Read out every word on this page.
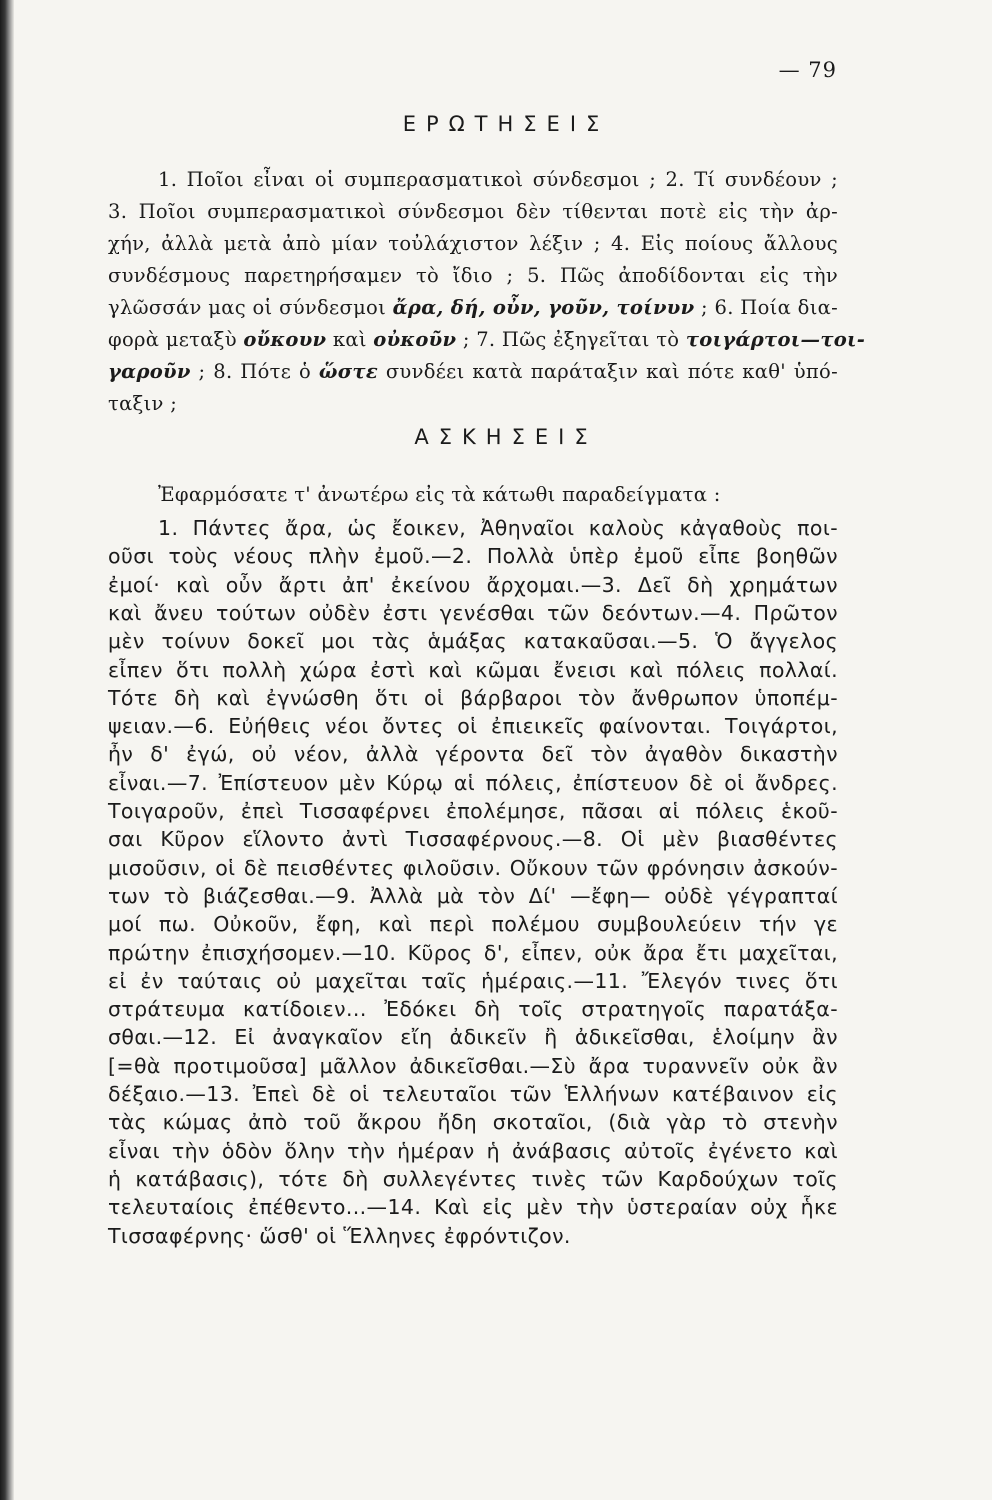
— 79
ΕΡΩΤΗΣΕΙΣ
1. Ποῖοι εἶναι οἱ συμπερασματικοὶ σύνδεσμοι ; 2. Τί συνδέουν ;
3. Ποῖοι συμπερασματικοὶ σύνδεσμοι δὲν τίθενται ποτὲ εἰς τὴν ἀρ-
χήν, ἀλλὰ μετὰ ἀπὸ μίαν τοὐλάχιστον λέξιν ; 4. Εἰς ποίους ἄλλους
συνδέσμους παρετηρήσαμεν τὸ ἴδιο ; 5. Πῶς ἀποδίδονται εἰς τὴν
γλῶσσάν μας οἱ σύνδεσμοι ἄρα, δή, οὖν, γοῦν, τοίνυν ; 6. Ποία δια-
φορὰ μεταξὺ οὔκουν καὶ οὐκοῦν ; 7. Πῶς ἐξηγεῖται τὸ τοιγάρτοι—τοι-
γαροῦν ; 8. Πότε ὁ ὥστε συνδέει κατὰ παράταξιν καὶ πότε καθ' ὑπό-
ταξιν ;
ΑΣΚΗΣΕΙΣ
Ἐφαρμόσατε τ' ἀνωτέρω εἰς τὰ κάτωθι παραδείγματα :
1. Πάντες ἄρα, ὡς ἔοικεν, Ἀθηναῖοι καλοὺς κἀγαθοὺς ποι-
οῦσι τοὺς νέους πλὴν ἐμοῦ.—2. Πολλὰ ὑπὲρ ἐμοῦ εἶπε βοηθῶν
ἐμοί· καὶ οὖν ἄρτι ἀπ' ἐκείνου ἄρχομαι.—3. Δεῖ δὴ χρημάτων
καὶ ἄνευ τούτων οὐδὲν ἐστι γενέσθαι τῶν δεόντων.—4. Πρῶτον
μὲν τοίνυν δοκεῖ μοι τὰς ἁμάξας κατακαῦσαι.—5. Ὁ ἄγγελος
εἶπεν ὅτι πολλὴ χώρα ἐστὶ καὶ κῶμαι ἔνεισι καὶ πόλεις πολλαί.
Τότε δὴ καὶ ἐγνώσθη ὅτι οἱ βάρβαροι τὸν ἄνθρωπον ὑποπέμ-
ψειαν.—6. Εὐήθεις νέοι ὄντες οἱ ἐπιεικεῖς φαίνονται. Τοιγάρτοι,
ἦν δ' ἐγώ, οὐ νέον, ἀλλὰ γέροντα δεῖ τὸν ἀγαθὸν δικαστὴν
εἶναι.—7. Ἐπίστευον μὲν Κύρῳ αἱ πόλεις, ἐπίστευον δὲ οἱ ἄνδρες.
Τοιγαροῦν, ἐπεὶ Τισσαφέρνει ἐπολέμησε, πᾶσαι αἱ πόλεις ἑκοῦ-
σαι Κῦρον εἵλοντο ἀντὶ Τισσαφέρνους.—8. Οἱ μὲν βιασθέντες
μισοῦσιν, οἱ δὲ πεισθέντες φιλοῦσιν. Οὔκουν τῶν φρόνησιν ἀσκούν-
των τὸ βιάζεσθαι.—9. Ἀλλὰ μὰ τὸν Δί' —ἔφη— οὐδὲ γέγραπταί
μοί πω. Οὐκοῦν, ἔφη, καὶ περὶ πολέμου συμβουλεύειν τήν γε
πρώτην ἐπισχήσομεν.—10. Κῦρος δ', εἶπεν, οὐκ ἄρα ἔτι μαχεῖται,
εἰ ἐν ταύταις οὐ μαχεῖται ταῖς ἡμέραις.—11. Ἔλεγόν τινες ὅτι
στράτευμα κατίδοιεν... Ἐδόκει δὴ τοῖς στρατηγοῖς παρατάξα-
σθαι.—12. Εἰ ἀναγκαῖον εἴη ἀδικεῖν ἢ ἀδικεῖσθαι, ἑλοίμην ἂν
[=θὰ προτιμοῦσα] μᾶλλον ἀδικεῖσθαι.—Σὺ ἄρα τυραννεῖν οὐκ ἂν
δέξαιο.—13. Ἐπεὶ δὲ οἱ τελευταῖοι τῶν Ἑλλήνων κατέβαινον εἰς
τὰς κώμας ἀπὸ τοῦ ἄκρου ἤδη σκοταῖοι, (διὰ γὰρ τὸ στενὴν
εἶναι τὴν ὁδὸν ὅλην τὴν ἡμέραν ἡ ἀνάβασις αὐτοῖς ἐγένετο καὶ
ἡ κατάβασις), τότε δὴ συλλεγέντες τινὲς τῶν Καρδούχων τοῖς
τελευταίοις ἐπέθεντο...—14. Καὶ εἰς μὲν τὴν ὑστεραίαν οὐχ ἧκε
Τισσαφέρνης· ὥσθ' οἱ Ἕλληνες ἐφρόντιζον.
